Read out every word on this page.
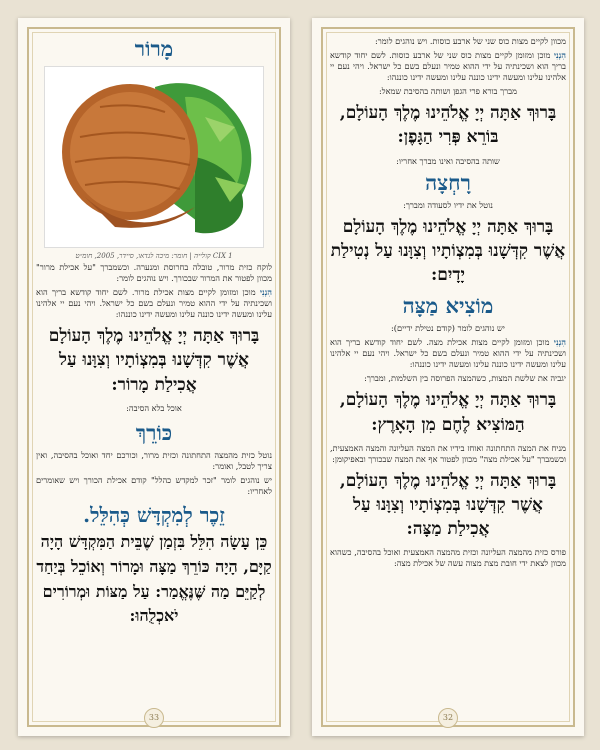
מָרוֹר
CIX 1 קולייה | חומר: מיכה לנדאו, סיידר, 2005, חומ״ט
לוקח כזית מרור, טובלה בחרוסת ומנערה. וכשמברך "על אכילת מרור" מכוון לפטור את המרור שבכורך. ויש נוהגים לומר:
הִנְנִי מוכן ומזומן לקיים מצות אכילת מרור. לשם יחוד קודשא בריך הוא ושכינתיה על ידי ההוא טמיר ונעלם בשם כל ישראל. ויהי נעם יי אלהינו עלינו ומעשה ידינו כוננה עלינו ומעשה ידינו כוננהו:
בָּרוּךְ אַתָּה יְיָ אֱלֹהֵינוּ מֶלֶךְ הָעוֹלָם אֲשֶׁר קִדְּשָׁנוּ בְּמִצְוֹתָיו וְצִוָּנוּ עַל אֲכִילַת מָרוֹר:
אוכל בלא הסיבה:
כּוֹרֵךְ
נוטל כזית מהמצה התחתונה וכזית מרור, וכורכם יחד ואוכל בהסיבה, ואין צריך לטבל, ואומר:
יש נוהגים לומר "זכר למקדש כהלל" קודם אכילת הכורך ויש שאומרים לאחריו:
זֵכֶר לְמִקְדָּשׁ כְּהִלֵּל.
כֵּן עָשָׂה הִלֵּל בִּזְמַן שֶׁבֵּית הַמִּקְדָּשׁ הָיָה קַיָּם, הָיָה כּוֹרֵךְ מַצָּה וּמָרוֹר וְאוֹכֵל בְּיַחַד לְקַיֵּם מַה שֶּׁנֶּאֱמַר: עַל מַצּוֹת וּמְרוֹרִים יֹאכְלֻהוּ:
33
מכוון לקיים מצות כוס שני של ארבע כוסות. ויש נוהגים לומר:
הִנְנִי מוכן ומזומן לקיים מצות כוס שני של ארבע כוסות. לשם יחוד קודשא בריך הוא ושכינתיה על ידי ההוא טמיר ונעלם בשם כל ישראל. ויהי נעם יי אלהינו עלינו ומעשה ידינו כוננה עלינו ומעשה ידינו כוננהו:
מברך בורא פרי הגפן ושותה בהסיבת שמאל:
בָּרוּךְ אַתָּה יְיָ אֱלֹהֵינוּ מֶלֶךְ הָעוֹלָם, בּוֹרֵא פְּרִי הַגָּפֶן:
שותה בהסיבה ואינו מברך אחריו:
רָחְצָה
נוטל את ידיו לסעודה ומברך:
בָּרוּךְ אַתָּה יְיָ אֱלֹהֵינוּ מֶלֶךְ הָעוֹלָם אֲשֶׁר קִדְּשָׁנוּ בְּמִצְוֹתָיו וְצִוָּנוּ עַל נְטִילַת יָדָיִם:
מוֹצִיא מַצָּה
יש נוהגים לומר (קודם נטילת ידיים):
הִנְנִי מוכן ומזומן לקיים מצות אכילת מצה. לשם יחוד קודשא בריך הוא ושכינתיה על ידי ההוא טמיר ונעלם בשם כל ישראל. ויהי נעם יי אלהינו עלינו ומעשה ידינו כוננה עלינו ומעשה ידינו כוננהו:
יגביה את שלשת המצות, כשהמצה הפרוסה בין השלמות, ומברך:
בָּרוּךְ אַתָּה יְיָ אֱלֹהֵינוּ מֶלֶךְ הָעוֹלָם, הַמּוֹצִיא לֶחֶם מִן הָאָרֶץ:
מניח את המצה התחתונה ואוחז בידיו את המצה העליונה והמצה האמצעית, וכשמברך "על אכילת מצה" מכוון לפטור אף את המצה שבכורך ובאפיקומן:
בָּרוּךְ אַתָּה יְיָ אֱלֹהֵינוּ מֶלֶךְ הָעוֹלָם, אֲשֶׁר קִדְּשָׁנוּ בְּמִצְוֹתָיו וְצִוָּנוּ עַל אֲכִילַת מַצָּה:
פורס כזית מהמצה העליונה וכזית מהמצה האמצעית ואוכל בהסיבה, כשהוא מכוון לצאת ידי חובת מצת מצוה עשה של אכילת מצה:
32
